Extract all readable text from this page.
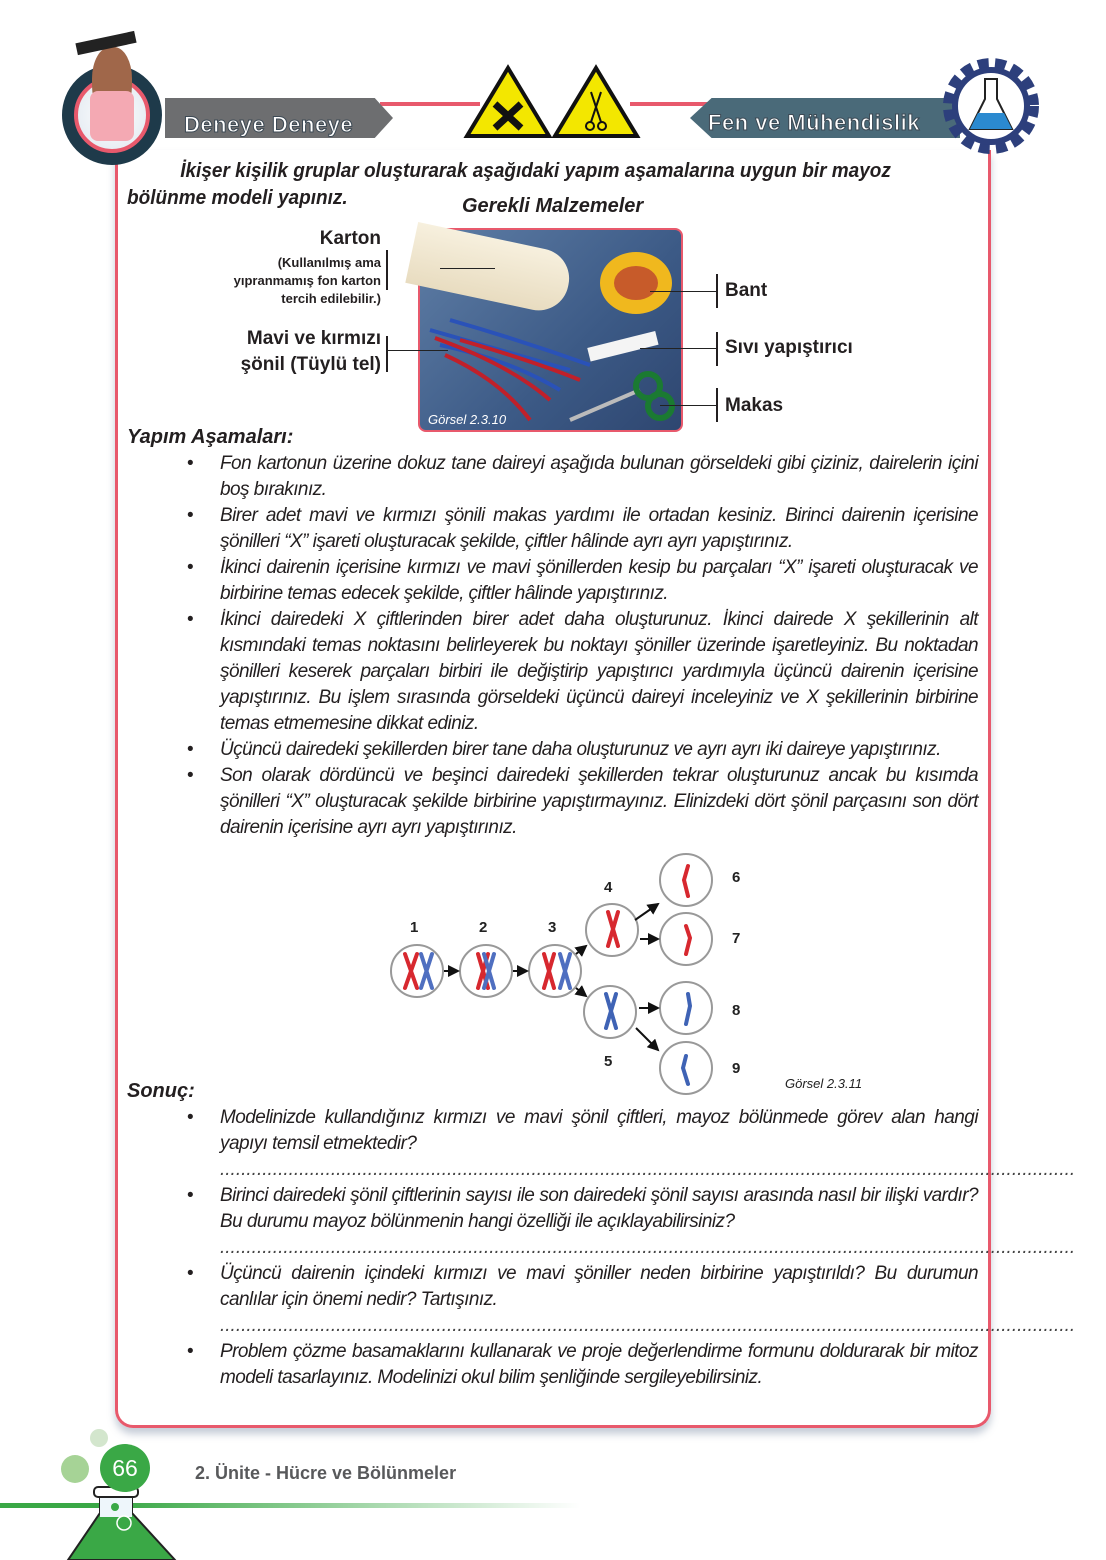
Deneye Deneye	Fen ve Mühendislik
İkişer kişilik gruplar oluşturarak aşağıdaki yapım aşamalarına uygun bir mayoz bölünme modeli yapınız.	Gerekli Malzemeler
Görsel 2.3.10
Karton
(Kullanılmış ama yıpranmamış fon karton tercih edilebilir.)
Mavi ve kırmızı
şönil (Tüylü tel)
Bant
Sıvı yapıştırıcı
Makas
Yapım Aşamaları:
• Fon kartonun üzerine dokuz tane daireyi aşağıda bulunan görseldeki gibi çiziniz, dairelerin içini boş bırakınız.
• Birer adet mavi ve kırmızı şönili makas yardımı ile ortadan kesiniz. Birinci dairenin içerisine şönilleri “X” işareti oluşturacak şekilde, çiftler hâlinde ayrı ayrı yapıştırınız.
• İkinci dairenin içerisine kırmızı ve mavi şönillerden kesip bu parçaları “X” işareti oluşturacak ve birbirine temas edecek şekilde, çiftler hâlinde yapıştırınız.
• İkinci dairedeki X çiftlerinden birer adet daha oluşturunuz. İkinci dairede X şekillerinin alt kısmındaki temas noktasını belirleyerek bu noktayı şöniller üzerinde işaretleyiniz. Bu noktadan şönilleri keserek parçaları birbiri ile değiştirip yapıştırıcı yardımıyla üçüncü dairenin içerisine yapıştırınız. Bu işlem sırasında görseldeki üçüncü daireyi inceleyiniz ve X şekillerinin birbirine temas etmemesine dikkat ediniz.
• Üçüncü dairedeki şekillerden birer tane daha oluşturunuz ve ayrı ayrı iki daireye yapıştırınız.
• Son olarak dördüncü ve beşinci dairedeki şekillerden tekrar oluşturunuz ancak bu kısımda şönilleri “X” oluşturacak şekilde birbirine yapıştırmayınız. Elinizdeki dört şönil parçasını son dört dairenin içerisine ayrı ayrı yapıştırınız.
1	2	3
4
5
6
7
8
9
Görsel 2.3.11
Sonuç:
• Modelinizde kullandığınız kırmızı ve mavi şönil çiftleri, mayoz bölünmede görev alan hangi yapıyı temsil etmektedir?
..................................................................................................................................................................
• Birinci dairedeki şönil çiftlerinin sayısı ile son dairedeki şönil sayısı arasında nasıl bir ilişki vardır? Bu durumu mayoz bölünmenin hangi özelliği ile açıklayabilirsiniz?
..................................................................................................................................................................
• Üçüncü dairenin içindeki kırmızı ve mavi şöniller neden birbirine yapıştırıldı? Bu durumun canlılar için önemi nedir? Tartışınız.
..................................................................................................................................................................
• Problem çözme basamaklarını kullanarak ve proje değerlendirme formunu doldurarak bir mitoz modeli tasarlayınız. Modelinizi okul bilim şenliğinde sergileyebilirsiniz.
66	2. Ünite - Hücre ve Bölünmeler
